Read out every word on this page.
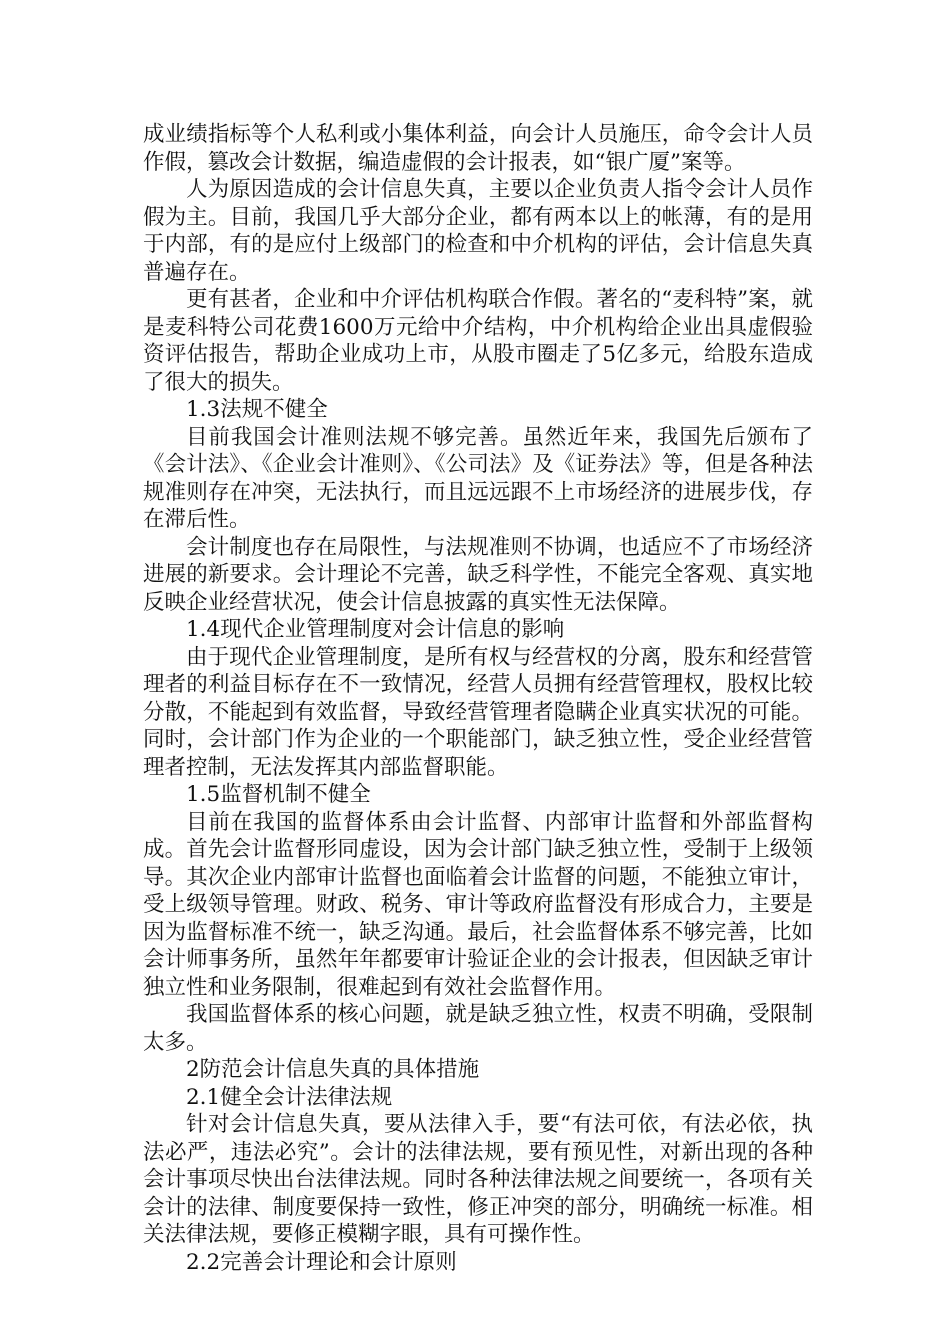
成业绩指标等个人私利或小集体利益，向会计人员施压，命令会计人员作假，篡改会计数据，编造虚假的会计报表，如“银广厦”案等。

人为原因造成的会计信息失真，主要以企业负责人指令会计人员作假为主。目前，我国几乎大部分企业，都有两本以上的帐薄，有的是用于内部，有的是应付上级部门的检查和中介机构的评估，会计信息失真普遍存在。

更有甚者，企业和中介评估机构联合作假。著名的“麦科特”案，就是麦科特公司花费1600万元给中介结构，中介机构给企业出具虚假验资评估报告，帮助企业成功上市，从股市圈走了5亿多元，给股东造成了很大的损失。

1.3法规不健全

目前我国会计准则法规不够完善。虽然近年来，我国先后颁布了《会计法》、《企业会计准则》、《公司法》及《证券法》等，但是各种法规准则存在冲突，无法执行，而且远远跟不上市场经济的进展步伐，存在滞后性。

会计制度也存在局限性，与法规准则不协调，也适应不了市场经济进展的新要求。会计理论不完善，缺乏科学性，不能完全客观、真实地反映企业经营状况，使会计信息披露的真实性无法保障。

1.4现代企业管理制度对会计信息的影响

由于现代企业管理制度，是所有权与经营权的分离，股东和经营管理者的利益目标存在不一致情况，经营人员拥有经营管理权，股权比较分散，不能起到有效监督，导致经营管理者隐瞒企业真实状况的可能。同时，会计部门作为企业的一个职能部门，缺乏独立性，受企业经营管理者控制，无法发挥其内部监督职能。

1.5监督机制不健全

目前在我国的监督体系由会计监督、内部审计监督和外部监督构成。首先会计监督形同虚设，因为会计部门缺乏独立性，受制于上级领导。其次企业内部审计监督也面临着会计监督的问题，不能独立审计，受上级领导管理。财政、税务、审计等政府监督没有形成合力，主要是因为监督标准不统一，缺乏沟通。最后，社会监督体系不够完善，比如会计师事务所，虽然年年都要审计验证企业的会计报表，但因缺乏审计独立性和业务限制，很难起到有效社会监督作用。

我国监督体系的核心问题，就是缺乏独立性，权责不明确，受限制太多。

2防范会计信息失真的具体措施

2.1健全会计法律法规

针对会计信息失真，要从法律入手，要“有法可依，有法必依，执法必严，违法必究”。会计的法律法规，要有预见性，对新出现的各种会计事项尽快出台法律法规。同时各种法律法规之间要统一，各项有关会计的法律、制度要保持一致性，修正冲突的部分，明确统一标准。相关法律法规，要修正模糊字眼，具有可操作性。

2.2完善会计理论和会计原则
